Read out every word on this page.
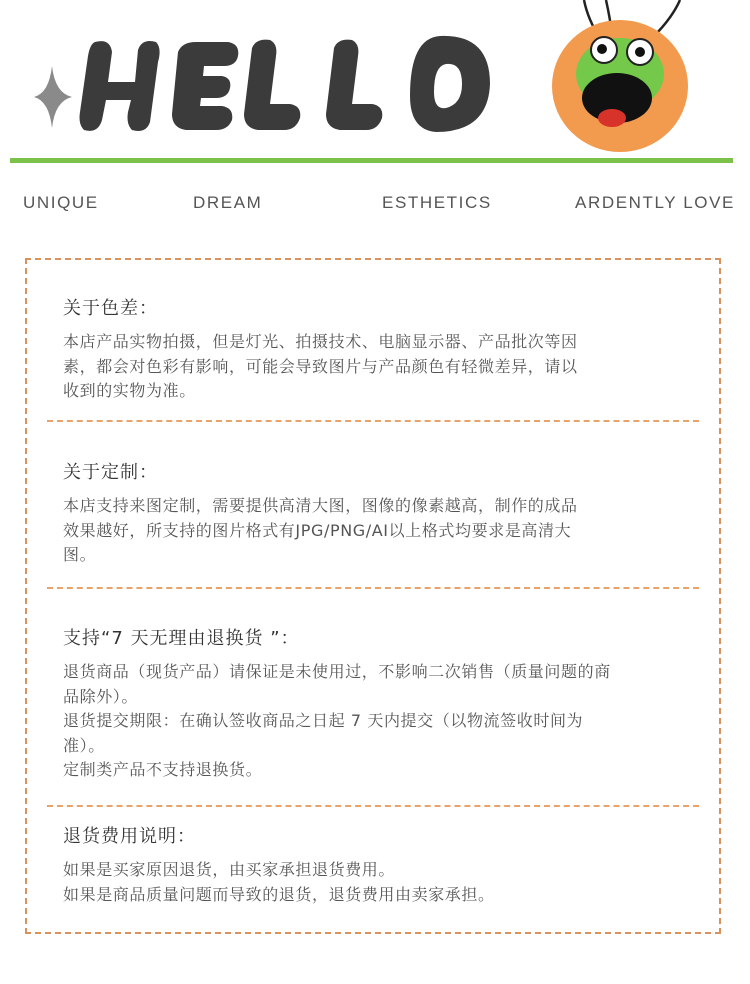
UNIQUE	DREAM	ESTHETICS	ARDENTLY LOVE
关于色差：

本店产品实物拍摄，但是灯光、拍摄技术、电脑显示器、产品批次等因
素，都会对色彩有影响，可能会导致图片与产品颜色有轻微差异，请以
收到的实物为准。

关于定制：

本店支持来图定制，需要提供高清大图，图像的像素越高，制作的成品
效果越好，所支持的图片格式有JPG/PNG/AI以上格式均要求是高清大
图。

支持“7 天无理由退换货 ”：

退货商品（现货产品）请保证是未使用过，不影响二次销售（质量问题的商
品除外）。
退货提交期限：在确认签收商品之日起 7 天内提交（以物流签收时间为
准）。
定制类产品不支持退换货。

退货费用说明：

如果是买家原因退货，由买家承担退货费用。
如果是商品质量问题而导致的退货，退货费用由卖家承担。
